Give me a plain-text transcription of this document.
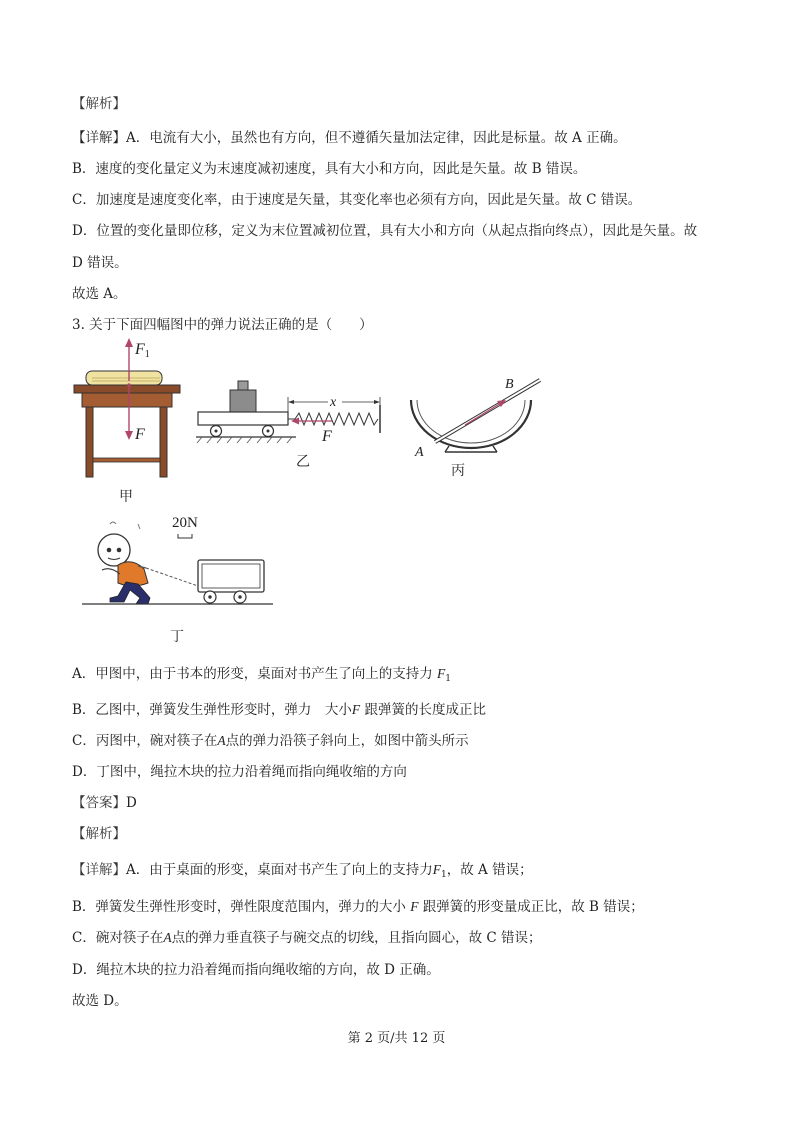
【解析】
【详解】A．电流有大小，虽然也有方向，但不遵循矢量加法定律，因此是标量。故 A 正确。
B．速度的变化量定义为末速度减初速度，具有大小和方向，因此是矢量。故 B 错误。
C．加速度是速度变化率，由于速度是矢量，其变化率也必须有方向，因此是矢量。故 C 错误。
D．位置的变化量即位移，定义为末位置减初位置，具有大小和方向（从起点指向终点），因此是矢量。故
D 错误。
故选 A。
3. 关于下面四幅图中的弹力说法正确的是（　　）
F1
F
甲
x
F
乙
A
B
丙
20N
丁
A．甲图中，由于书本的形变，桌面对书产生了向上的支持力 $F_1$
B．乙图中，弹簧发生弹性形变时，弹力　大小F 跟弹簧的长度成正比
C．丙图中，碗对筷子在A点的弹力沿筷子斜向上，如图中箭头所示
D．丁图中，绳拉木块的拉力沿着绳而指向绳收缩的方向
【答案】D
【解析】
【详解】A．由于桌面的形变，桌面对书产生了向上的支持力$F_1$，故 A 错误；
B．弹簧发生弹性形变时，弹性限度范围内，弹力的大小 F 跟弹簧的形变量成正比，故 B 错误；
C．碗对筷子在A点的弹力垂直筷子与碗交点的切线，且指向圆心，故 C 错误；
D．绳拉木块的拉力沿着绳而指向绳收缩的方向，故 D 正确。
故选 D。
第 2 页/共 12 页
